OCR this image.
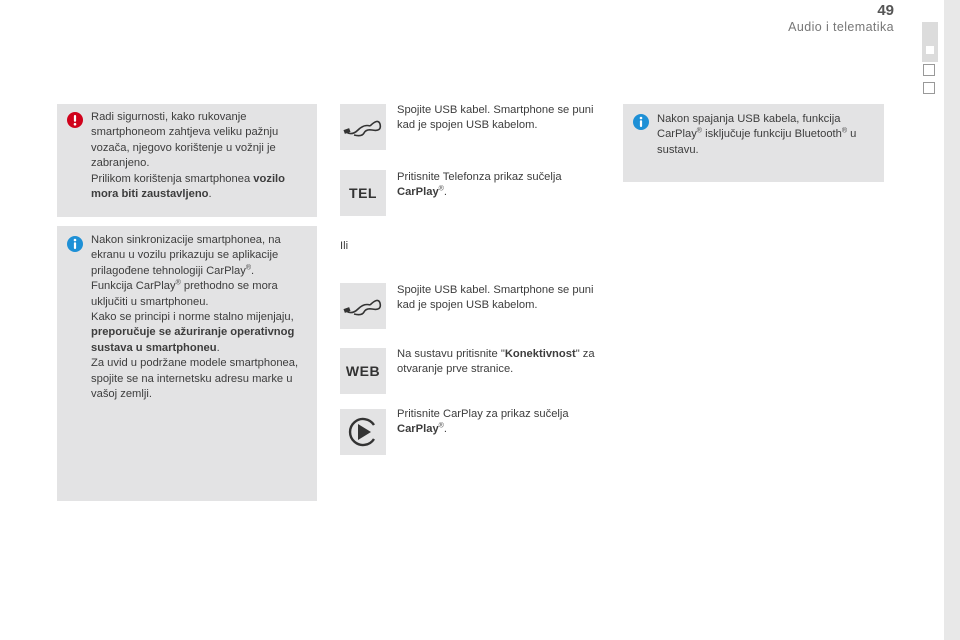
49
Audio i telematika
Radi sigurnosti, kako rukovanje smartphoneom zahtjeva veliku pažnju vozača, njegovo korištenje u vožnji je zabranjeno.
Prilikom korištenja smartphonea vozilo mora biti zaustavljeno.
Nakon sinkronizacije smartphonea, na ekranu u vozilu prikazuju se aplikacije prilagođene tehnologiji CarPlay®.
Funkcija CarPlay® prethodno se mora uključiti u smartphoneu.
Kako se principi i norme stalno mijenjaju, preporučuje se ažuriranje operativnog sustava u smartphoneu.
Za uvid u podržane modele smartphonea, spojite se na internetsku adresu marke u vašoj zemlji.
Spojite USB kabel. Smartphone se puni kad je spojen USB kabelom.
TEL
Pritisnite Telefonza prikaz sučelja CarPlay®.
Ili
Spojite USB kabel. Smartphone se puni kad je spojen USB kabelom.
WEB
Na sustavu pritisnite "Konektivnost" za otvaranje prve stranice.
Pritisnite CarPlay za prikaz sučelja CarPlay®.
Nakon spajanja USB kabela, funkcija CarPlay® isključuje funkciju Bluetooth® u sustavu.
